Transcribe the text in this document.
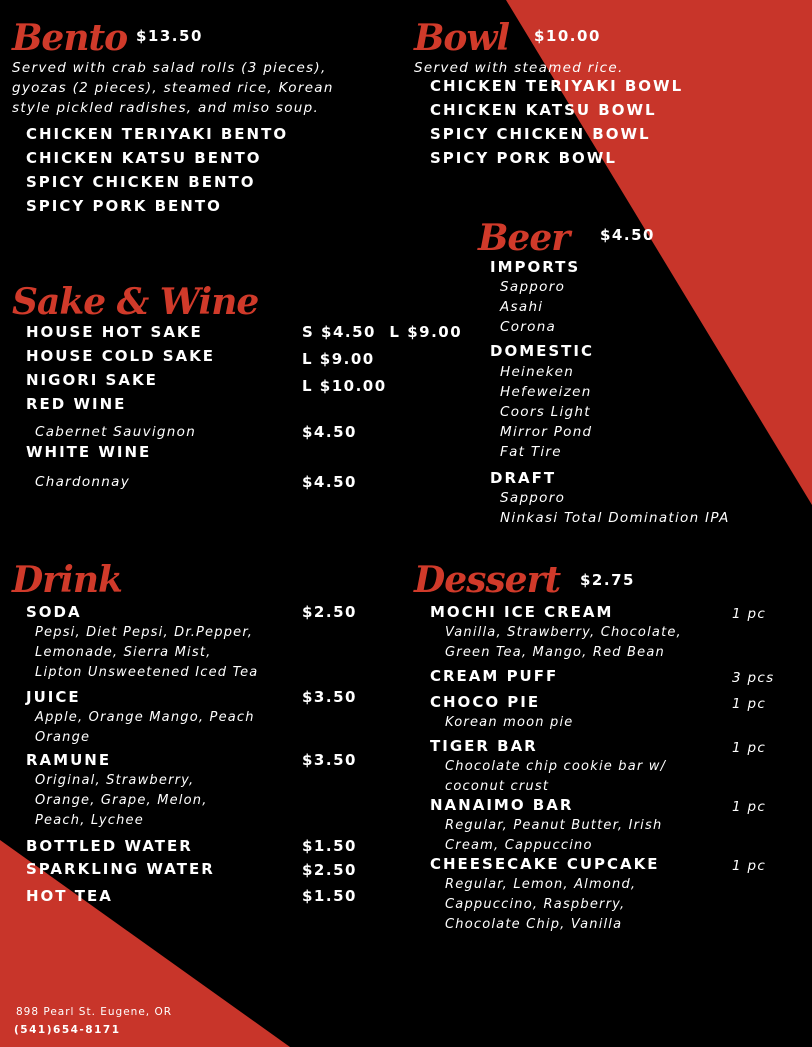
Bento $13.50
Served with crab salad rolls (3 pieces),
gyozas (2 pieces), steamed rice, Korean
style pickled radishes, and miso soup.
CHICKEN TERIYAKI BENTO
CHICKEN KATSU BENTO
SPICY CHICKEN BENTO
SPICY PORK BENTO
Bowl $10.00
Served with steamed rice.
CHICKEN TERIYAKI BOWL
CHICKEN KATSU BOWL
SPICY CHICKEN BOWL
SPICY PORK BOWL
Beer $4.50
IMPORTS
Sapporo
Asahi
Corona
DOMESTIC
Heineken
Hefeweizen
Coors Light
Mirror Pond
Fat Tire
DRAFT
Sapporo
Ninkasi Total Domination IPA
Sake & Wine
HOUSE HOT SAKE	S $4.50  L $9.00
HOUSE COLD SAKE	L $9.00
NIGORI SAKE	L $10.00
RED WINE
Cabernet Sauvignon	$4.50
WHITE WINE
Chardonnay	$4.50
Drink
SODA	$2.50
Pepsi, Diet Pepsi, Dr.Pepper,
Lemonade, Sierra Mist,
Lipton Unsweetened Iced Tea
JUICE	$3.50
Apple, Orange Mango, Peach
Orange
RAMUNE	$3.50
Original, Strawberry,
Orange, Grape, Melon,
Peach, Lychee
BOTTLED WATER	$1.50
SPARKLING WATER	$2.50
HOT TEA	$1.50
Dessert $2.75
MOCHI ICE CREAM	1 pc
Vanilla, Strawberry, Chocolate,
Green Tea, Mango, Red Bean
CREAM PUFF	3 pcs
CHOCO PIE	1 pc
Korean moon pie
TIGER BAR	1 pc
Chocolate chip cookie bar w/
coconut crust
NANAIMO BAR	1 pc
Regular, Peanut Butter, Irish
Cream, Cappuccino
CHEESECAKE CUPCAKE	1 pc
Regular, Lemon, Almond,
Cappuccino, Raspberry,
Chocolate Chip, Vanilla
898 Pearl St. Eugene, OR
(541)654-8171
